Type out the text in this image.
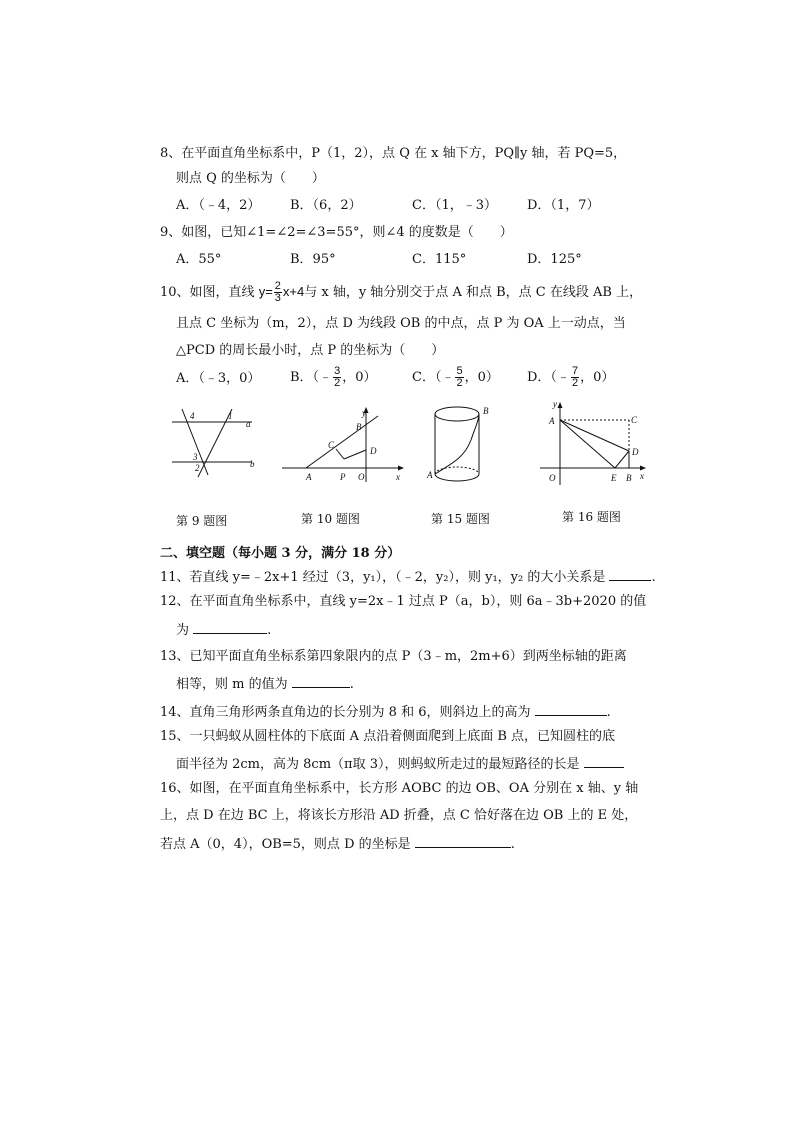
8、在平面直角坐标系中，P（1，2），点 Q 在 x 轴下方，PQ∥y 轴，若 PQ=5，
则点 Q 的坐标为（　　）
A．（﹣4，2） B．（6，2）	C．（1，﹣3） D．（1，7）
9、如图，已知∠1=∠2=∠3=55°，则∠4 的度数是（　　）
A．55°	B．95°	C．115°	D．125°
10、如图，直线 $y= \frac{2}{3} x+4$与 x 轴，y 轴分别交于点 A 和点 B，点 C 在线段 AB 上，
且点 C 坐标为（m，2），点 D 为线段 OB 的中点，点 P 为 OA 上一动点，当
△PCD 的周长最小时，点 P 的坐标为（　　）
A．（﹣3，0） B．（﹣ $\frac{3}{2}$ ，0）	C．（﹣ $\frac{5}{2}$ ，0） D．（﹣ $\frac{7}{2}$ ，0）
4	1
a
3
2	b
y
B
C
D
A	P O	x
B
A
y
A	C
D
O	E B x
第 9 题图	第 10 题图	第 15 题图	第 16 题图
二、填空题（每小题 3 分，满分 18 分）
11、若直线 y=﹣2x+1 经过（3，y₁），（﹣2，y₂），则 y₁，y₂ 的大小关系是	.
12、在平面直角坐标系中，直线 y=2x﹣1 过点 P（a，b），则 6a﹣3b+2020 的值
为	.
13、已知平面直角坐标系第四象限内的点 P（3﹣m，2m+6）到两坐标轴的距离
相等，则 m 的值为	.
14、直角三角形两条直角边的长分别为 8 和 6，则斜边上的高为	.
15、一只蚂蚁从圆柱体的下底面 A 点沿着侧面爬到上底面 B 点，已知圆柱的底
面半径为 2cm，高为 8cm（π取 3），则蚂蚁所走过的最短路径的长是
16、如图，在平面直角坐标系中，长方形 AOBC 的边 OB、OA 分别在 x 轴、y 轴
上，点 D 在边 BC 上，将该长方形沿 AD 折叠，点 C 恰好落在边 OB 上的 E 处，
若点 A（0，4），OB=5，则点 D 的坐标是	.
